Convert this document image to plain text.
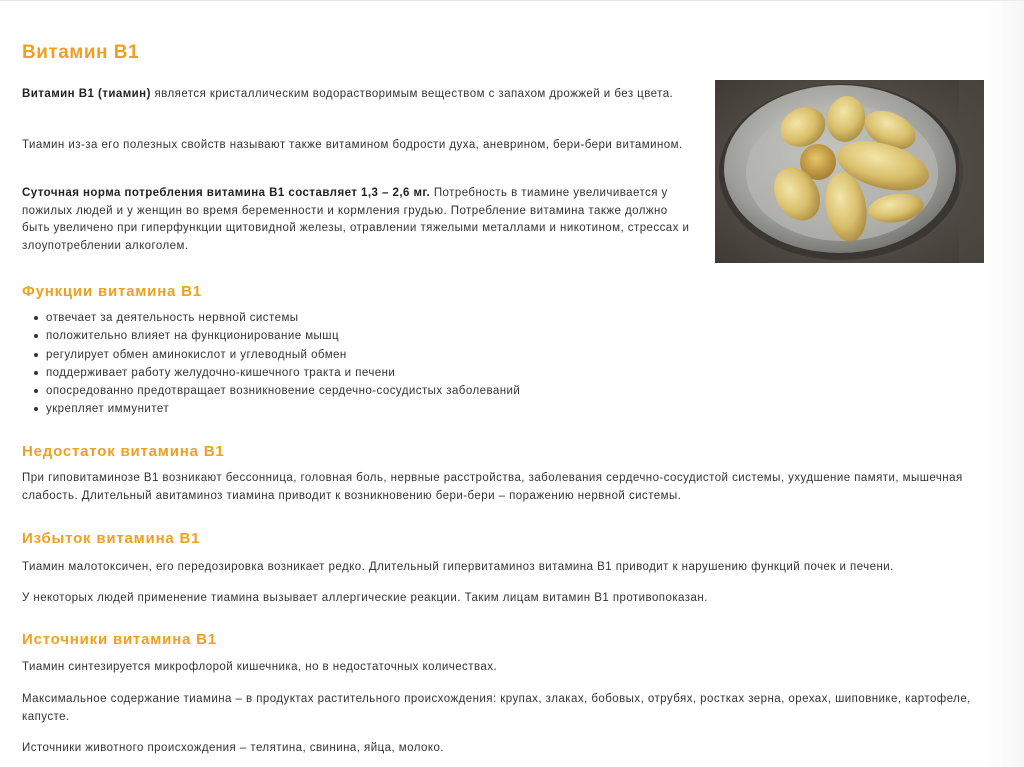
Витамин В1

Витамин В1 (тиамин) является кристаллическим водорастворимым веществом с запахом дрожжей и без цвета.

Тиамин из-за его полезных свойств называют также витамином бодрости духа, аневрином, бери-бери витамином.

Суточная норма потребления витамина В1 составляет 1,3 – 2,6 мг. Потребность в тиамине увеличивается у пожилых людей и у женщин во время беременности и кормления грудью. Потребление витамина также должно быть увеличено при гиперфункции щитовидной железы, отравлении тяжелыми металлами и никотином, стрессах и злоупотреблении алкоголем.

Функции витамина В1
отвечает за деятельность нервной системы
положительно влияет на функционирование мышц
регулирует обмен аминокислот и углеводный обмен
поддерживает работу желудочно-кишечного тракта и печени
опосредованно предотвращает возникновение сердечно-сосудистых заболеваний
укрепляет иммунитет
Недостаток витамина В1

При гиповитаминозе В1 возникают бессонница, головная боль, нервные расстройства, заболевания сердечно-сосудистой системы, ухудшение памяти, мышечная слабость. Длительный авитаминоз тиамина приводит к возникновению бери-бери – поражению нервной системы.

Избыток витамина В1

Тиамин малотоксичен, его передозировка возникает редко. Длительный гипервитаминоз витамина В1 приводит к нарушению функций почек и печени.

У некоторых людей применение тиамина вызывает аллергические реакции. Таким лицам витамин В1 противопоказан.

Источники витамина В1

Тиамин синтезируется микрофлорой кишечника, но в недостаточных количествах.

Максимальное содержание тиамина – в продуктах растительного происхождения: крупах, злаках, бобовых, отрубях, ростках зерна, орехах, шиповнике, картофеле, капусте.

Источники животного происхождения – телятина, свинина, яйца, молоко.
